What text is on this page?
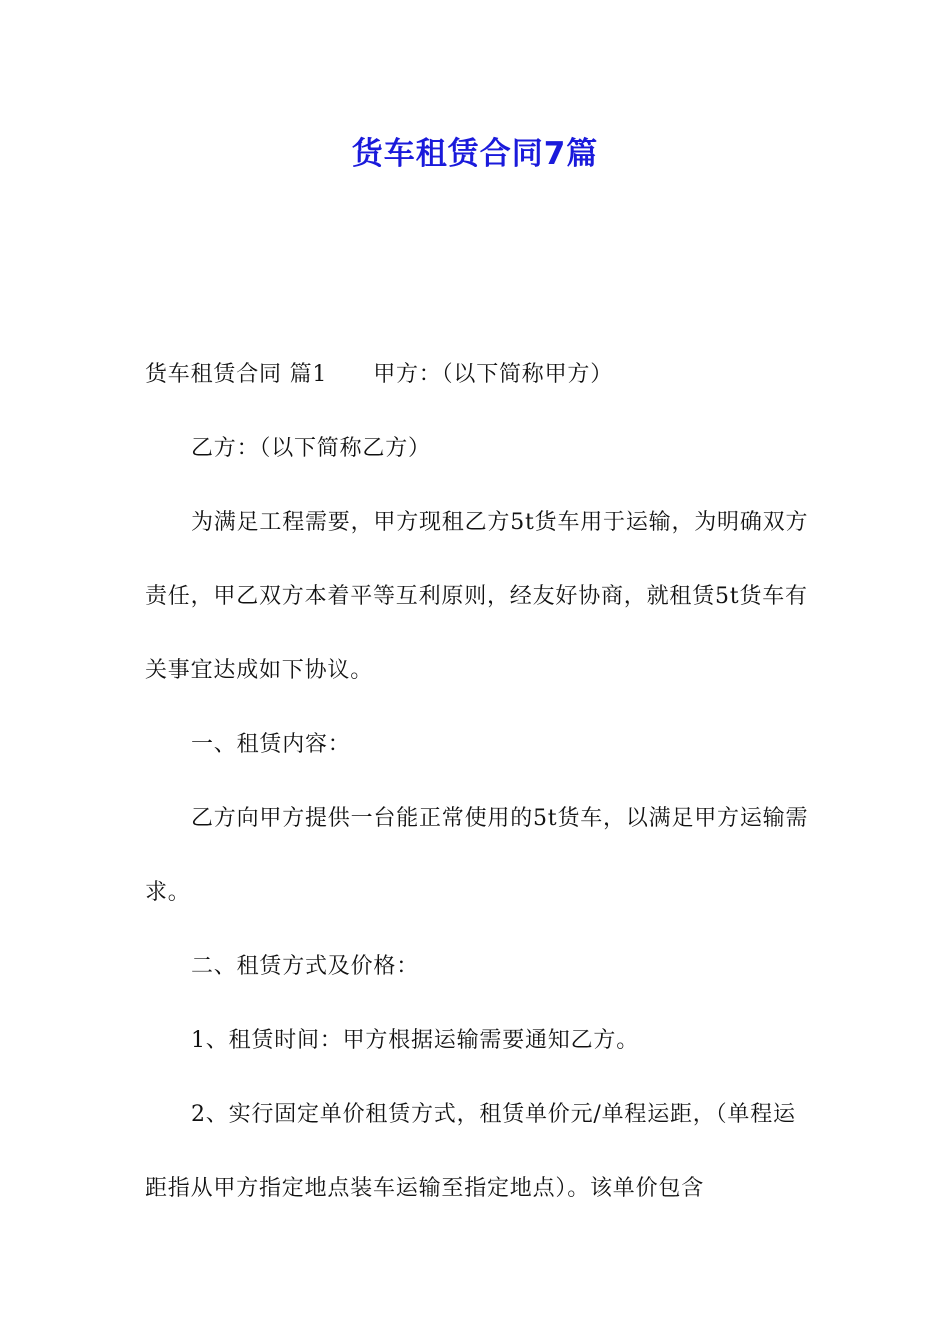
货车租赁合同7篇

货车租赁合同 篇1 甲方：（以下简称甲方）

乙方：（以下简称乙方）

为满足工程需要，甲方现租乙方5t货车用于运输，为明确双方责任，甲乙双方本着平等互利原则，经友好协商，就租赁5t货车有关事宜达成如下协议。

一、租赁内容：

乙方向甲方提供一台能正常使用的5t货车，以满足甲方运输需求。

二、租赁方式及价格：

1、租赁时间：甲方根据运输需要通知乙方。

2、实行固定单价租赁方式，租赁单价元/单程运距，（单程运距指从甲方指定地点装车运输至指定地点）。该单价包含
